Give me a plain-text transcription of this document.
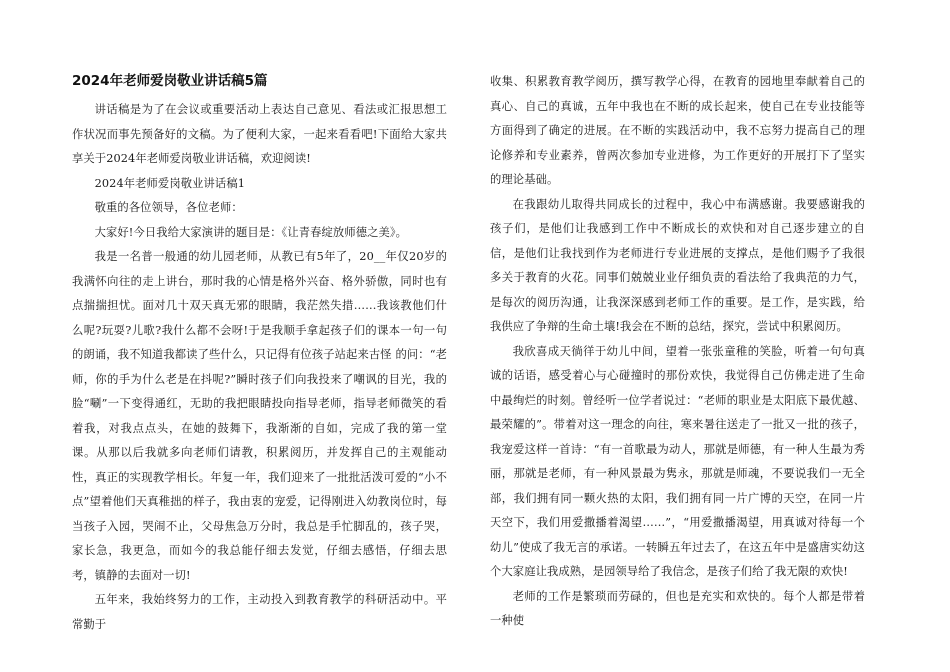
2024年老师爱岗敬业讲话稿5篇

讲话稿是为了在会议或重要活动上表达自己意见、看法或汇报思想工作状况而事先预备好的文稿。为了便利大家，一起来看看吧!下面给大家共享关于2024年老师爱岗敬业讲话稿，欢迎阅读!

2024年老师爱岗敬业讲话稿1

敬重的各位领导，各位老师：

大家好!今日我给大家演讲的题目是：《让青春绽放师德之美》。

我是一名普一般通的幼儿园老师，从教已有5年了，20__年仅20岁的我满怀向往的走上讲台，那时我的心情是格外兴奋、格外骄傲，同时也有点揣揣担忧。面对几十双天真无邪的眼睛，我茫然失措……我该教他们什么呢?玩耍?儿歌?我什么都不会呀!于是我顺手拿起孩子们的课本一句一句的朗诵，我不知道我都读了些什么，只记得有位孩子站起来古怪 的问：“老师，你的手为什么老是在抖呢?”瞬时孩子们向我投来了嘲讽的目光，我的脸“唰”一下变得通红，无助的我把眼睛投向指导老师，指导老师微笑的看着我，对我点点头，在她的鼓舞下，我渐渐的自如，完成了我的第一堂课。从那以后我就多向老师们请教，积累阅历，并发挥自己的主观能动性，真正的实现教学相长。年复一年，我们迎来了一批批活泼可爱的“小不点”望着他们天真稚拙的样子，我由衷的宠爱，记得刚进入幼教岗位时，每当孩子入园，哭闹不止，父母焦急万分时，我总是手忙脚乱的，孩子哭，家长急，我更急，而如今的我总能仔细去发觉，仔细去感悟，仔细去思考，镇静的去面对一切!

五年来，我始终努力的工作，主动投入到教育教学的科研活动中。平常勤于

收集、积累教育教学阅历，撰写教学心得，在教育的园地里奉献着自己的真心、自己的真诚，五年中我也在不断的成长起来，使自己在专业技能等方面得到了确定的进展。在不断的实践活动中，我不忘努力提高自己的理论修养和专业素养，曾两次参加专业进修，为工作更好的开展打下了坚实的理论基础。

在我跟幼儿取得共同成长的过程中，我心中布满感谢。我要感谢我的孩子们，是他们让我感到工作中不断成长的欢快和对自己逐步建立的自信，是他们让我找到作为老师进行专业进展的支撑点，是他们赐予了我很多关于教育的火花。同事们兢兢业业仔细负责的看法给了我典范的力气，是每次的阅历沟通，让我深深感到老师工作的重要。是工作，是实践，给我供应了争辩的生命土壤!我会在不断的总结，探究，尝试中积累阅历。

我欣喜成天徜徉于幼儿中间，望着一张张童稚的笑脸，听着一句句真诚的话语，感受着心与心碰撞时的那份欢快，我觉得自己仿佛走进了生命中最绚烂的时刻。曾经听一位学者说过：“老师的职业是太阳底下最优越、最荣耀的”。带着对这一理念的向往，寒来暑往送走了一批又一批的孩子，我宠爱这样一首诗：“有一首歌最为动人，那就是师德，有一种人生最为秀丽，那就是老师，有一种风景最为隽永，那就是师魂，不要说我们一无全部，我们拥有同一颗火热的太阳，我们拥有同一片广博的天空，在同一片天空下，我们用爱撒播着渴望……”，“用爱撒播渴望，用真诚对待每一个幼儿”使成了我无言的承诺。一转瞬五年过去了，在这五年中是盛唐实幼这个大家庭让我成熟，是园领导给了我信念，是孩子们给了我无限的欢快!

老师的工作是繁琐而劳碌的，但也是充实和欢快的。每个人都是带着一种使
